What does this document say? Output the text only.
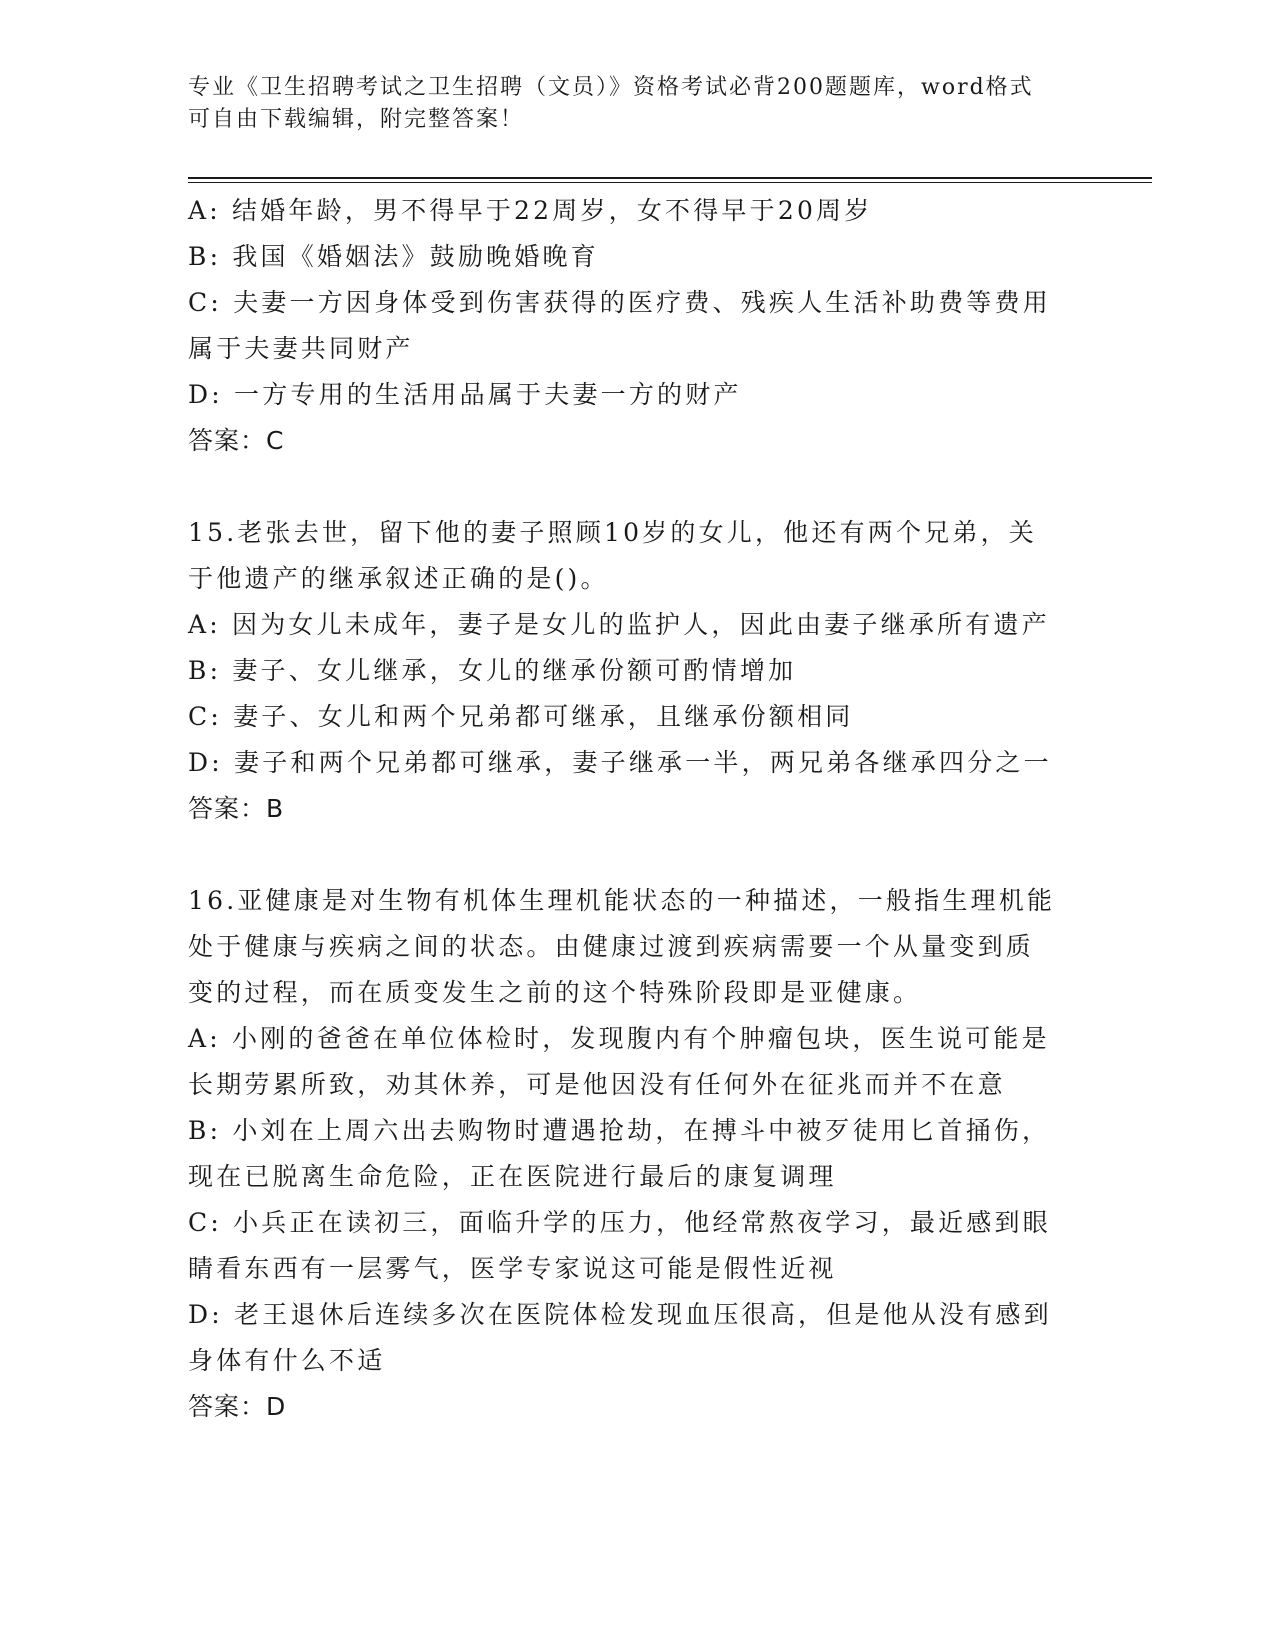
专业《卫生招聘考试之卫生招聘（文员）》资格考试必背200题题库，word格式
可自由下载编辑，附完整答案！
A: 结婚年龄，男不得早于22周岁，女不得早于20周岁
B: 我国《婚姻法》鼓励晚婚晚育
C: 夫妻一方因身体受到伤害获得的医疗费、残疾人生活补助费等费用
属于夫妻共同财产
D: 一方专用的生活用品属于夫妻一方的财产
答案：C
15.老张去世，留下他的妻子照顾10岁的女儿，他还有两个兄弟，关
于他遗产的继承叙述正确的是()。
A: 因为女儿未成年，妻子是女儿的监护人，因此由妻子继承所有遗产
B: 妻子、女儿继承，女儿的继承份额可酌情增加
C: 妻子、女儿和两个兄弟都可继承，且继承份额相同
D: 妻子和两个兄弟都可继承，妻子继承一半，两兄弟各继承四分之一
答案：B
16.亚健康是对生物有机体生理机能状态的一种描述，一般指生理机能
处于健康与疾病之间的状态。由健康过渡到疾病需要一个从量变到质
变的过程，而在质变发生之前的这个特殊阶段即是亚健康。
A: 小刚的爸爸在单位体检时，发现腹内有个肿瘤包块，医生说可能是
长期劳累所致，劝其休养，可是他因没有任何外在征兆而并不在意
B: 小刘在上周六出去购物时遭遇抢劫，在搏斗中被歹徒用匕首捅伤，
现在已脱离生命危险，正在医院进行最后的康复调理
C: 小兵正在读初三，面临升学的压力，他经常熬夜学习，最近感到眼
睛看东西有一层雾气，医学专家说这可能是假性近视
D: 老王退休后连续多次在医院体检发现血压很高，但是他从没有感到
身体有什么不适
答案：D
